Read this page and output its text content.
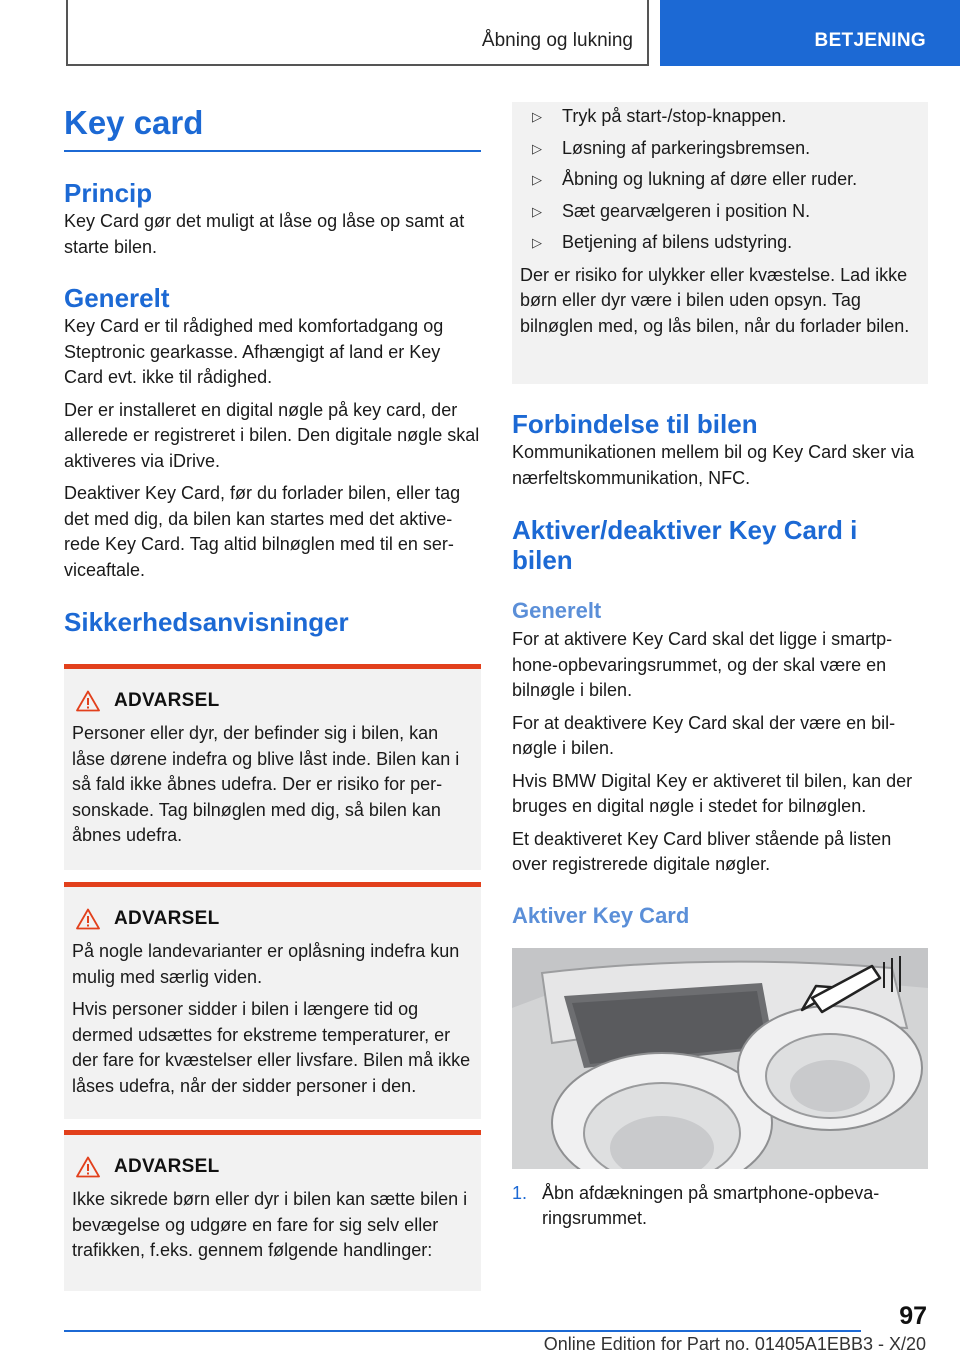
Åbning og lukning	BETJENING
Key card
Princip

Key Card gør det muligt at låse og låse op samt at starte bilen.

Generelt

Key Card er til rådighed med komfortadgang og Steptronic gearkasse. Afhængigt af land er Key Card evt. ikke til rådighed.

Der er installeret en digital nøgle på key card, der allerede er registreret i bilen. Den digitale nøgle skal aktiveres via iDrive.

Deaktiver Key Card, før du forlader bilen, eller tag det med dig, da bilen kan startes med det aktiverede Key Card. Tag altid bilnøglen med til en serviceaftale.

Sikkerhedsanvisninger
ADVARSEL

Personer eller dyr, der befinder sig i bilen, kan låse dørene indefra og blive låst inde. Bilen kan i så fald ikke åbnes udefra. Der er risiko for personskade. Tag bilnøglen med dig, så bilen kan åbnes udefra.

ADVARSEL

På nogle landevarianter er oplåsning indefra kun mulig med særlig viden.

Hvis personer sidder i bilen i længere tid og dermed udsættes for ekstreme temperaturer, er der fare for kvæstelser eller livsfare. Bilen må ikke låses udefra, når der sidder personer i den.

ADVARSEL

Ikke sikrede børn eller dyr i bilen kan sætte bilen i bevægelse og udgøre en fare for sig selv eller trafikken, f.eks. gennem følgende handlinger:

▷	Tryk på start-/stop-knappen.
▷	Løsning af parkeringsbremsen.
▷	Åbning og lukning af døre eller ruder.
▷	Sæt gearvælgeren i position N.
▷	Betjening af bilens udstyring.

Der er risiko for ulykker eller kvæstelse. Lad ikke børn eller dyr være i bilen uden opsyn. Tag bilnøglen med, og lås bilen, når du forlader bilen.

Forbindelse til bilen

Kommunikationen mellem bil og Key Card sker via nærfeltskommunikation, NFC.

Aktiver/deaktiver Key Card i bilen
Generelt

For at aktivere Key Card skal det ligge i smartphone-opbevaringsrummet, og der skal være en bilnøgle i bilen.

For at deaktivere Key Card skal der være en bilnøgle i bilen.

Hvis BMW Digital Key er aktiveret til bilen, kan der bruges en digital nøgle i stedet for bilnøglen.

Et deaktiveret Key Card bliver stående på listen over registrerede digitale nøgler.

Aktiver Key Card
1. Åbn afdækningen på smartphone-opbevaringsrummet.
97
Online Edition for Part no. 01405A1EBB3 - X/20
